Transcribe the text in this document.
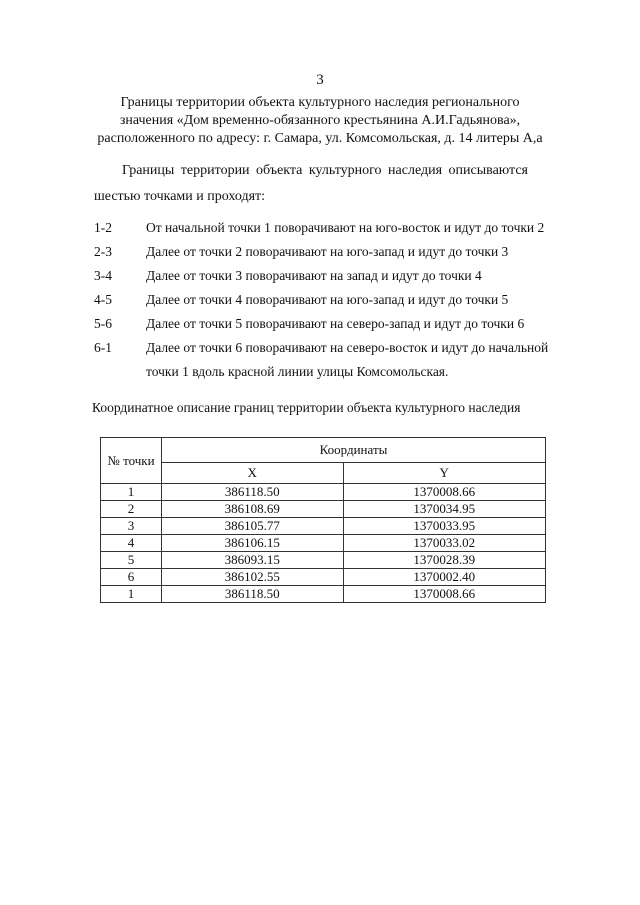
3
Границы территории объекта культурного наследия регионального
значения «Дом временно-обязанного крестьянина А.И.Гадьянова»,
расположенного по адресу: г. Самара, ул. Комсомольская, д. 14 литеры А,а
Границы территории объекта культурного наследия описываются
шестью точками и проходят:
1-2	От начальной точки 1 поворачивают на юго-восток и идут до точки 2
2-3	Далее от точки 2 поворачивают на юго-запад и идут до точки 3
3-4	Далее от точки 3 поворачивают на запад и идут до точки 4
4-5	Далее от точки 4 поворачивают на юго-запад и идут до точки 5
5-6	Далее от точки 5 поворачивают на северо-запад и идут до точки 6
6-1	Далее от точки 6 поворачивают на северо-восток и идут до начальной точки 1 вдоль красной линии улицы Комсомольская.
Координатное описание границ территории объекта культурного наследия
№ точки	Координаты	
	X	Y
1	386118.50	1370008.66
2	386108.69	1370034.95
3	386105.77	1370033.95
4	386106.15	1370033.02
5	386093.15	1370028.39
6	386102.55	1370002.40
1	386118.50	1370008.66
